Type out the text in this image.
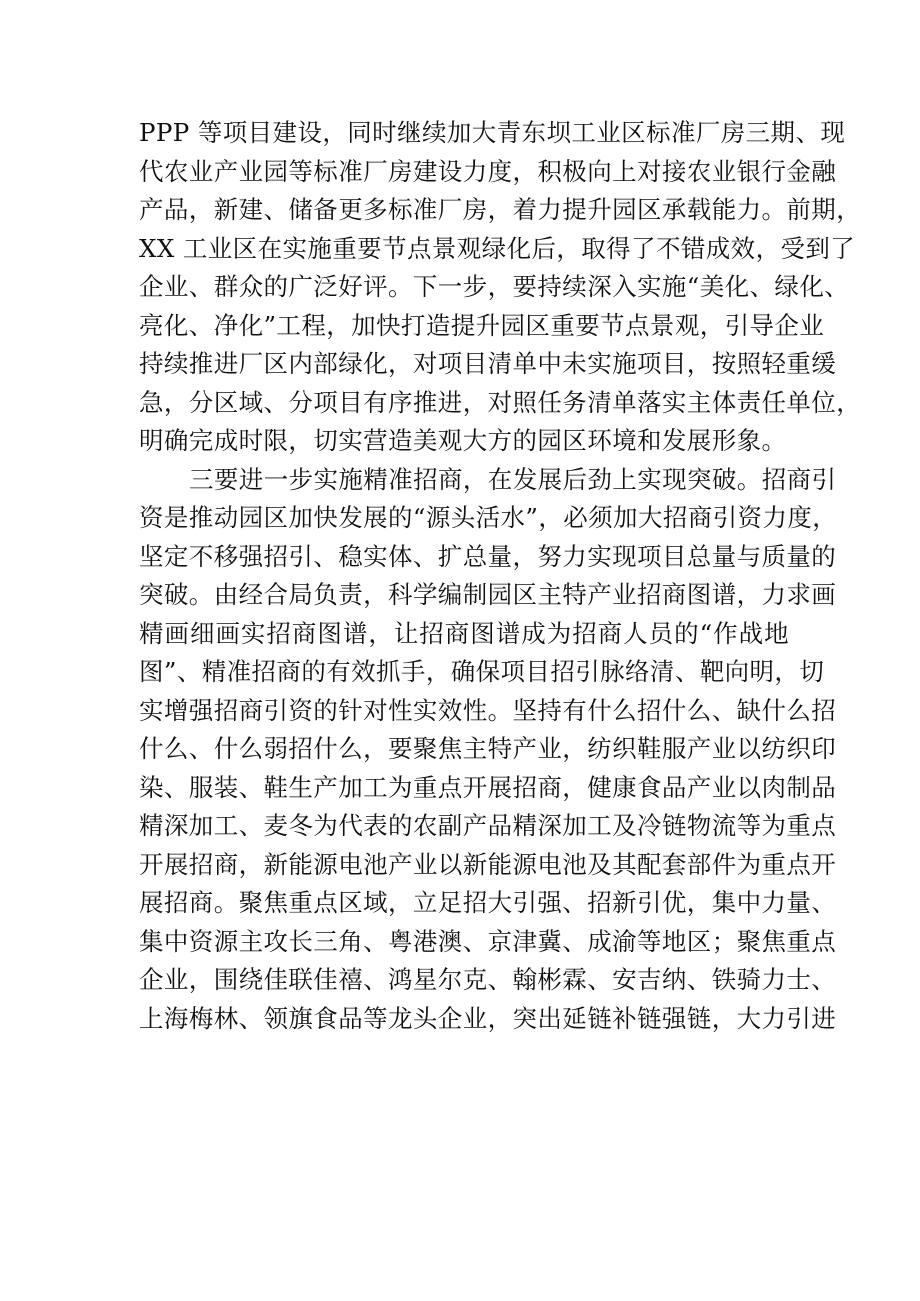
PPP 等项目建设，同时继续加大青东坝工业区标准厂房三期、现
代农业产业园等标准厂房建设力度，积极向上对接农业银行金融
产品，新建、储备更多标准厂房，着力提升园区承载能力。前期，
XX 工业区在实施重要节点景观绿化后，取得了不错成效，受到了
企业、群众的广泛好评。下一步，要持续深入实施“美化、绿化、
亮化、净化”工程，加快打造提升园区重要节点景观，引导企业
持续推进厂区内部绿化，对项目清单中未实施项目，按照轻重缓
急，分区域、分项目有序推进，对照任务清单落实主体责任单位，
明确完成时限，切实营造美观大方的园区环境和发展形象。
三要进一步实施精准招商，在发展后劲上实现突破。招商引
资是推动园区加快发展的“源头活水”，必须加大招商引资力度，
坚定不移强招引、稳实体、扩总量，努力实现项目总量与质量的
突破。由经合局负责，科学编制园区主特产业招商图谱，力求画
精画细画实招商图谱，让招商图谱成为招商人员的“作战地
图”、精准招商的有效抓手，确保项目招引脉络清、靶向明，切
实增强招商引资的针对性实效性。坚持有什么招什么、缺什么招
什么、什么弱招什么，要聚焦主特产业，纺织鞋服产业以纺织印
染、服装、鞋生产加工为重点开展招商，健康食品产业以肉制品
精深加工、麦冬为代表的农副产品精深加工及冷链物流等为重点
开展招商，新能源电池产业以新能源电池及其配套部件为重点开
展招商。聚焦重点区域，立足招大引强、招新引优，集中力量、
集中资源主攻长三角、粤港澳、京津冀、成渝等地区；聚焦重点
企业，围绕佳联佳禧、鸿星尔克、翰彬霖、安吉纳、铁骑力士、
上海梅林、领旗食品等龙头企业，突出延链补链强链，大力引进
